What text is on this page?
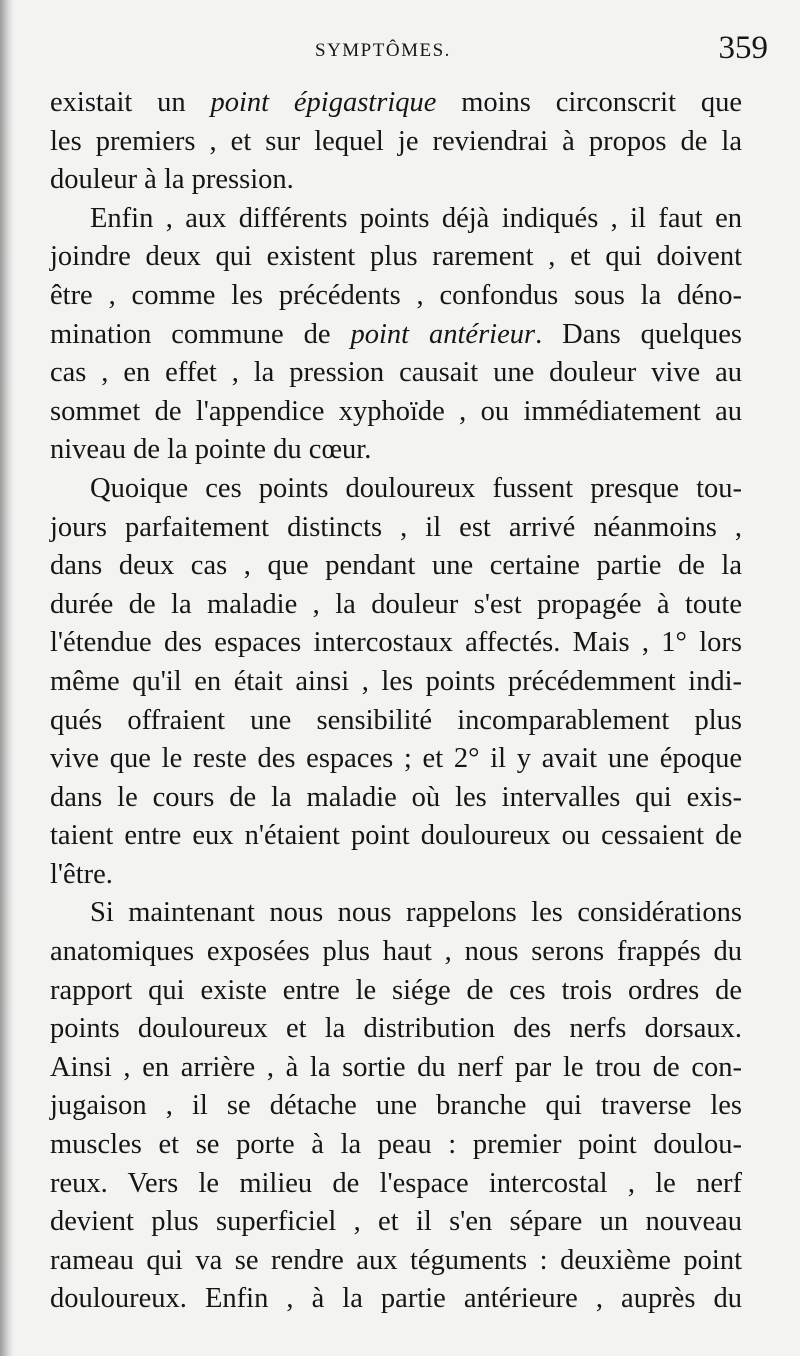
SYMPTÔMES.	359
existait un point épigastrique moins circonscrit que
les premiers , et sur lequel je reviendrai à propos de la
douleur à la pression.
Enfin , aux différents points déjà indiqués , il faut en
joindre deux qui existent plus rarement , et qui doivent
être , comme les précédents , confondus sous la déno-
mination commune de point antérieur. Dans quelques
cas , en effet , la pression causait une douleur vive au
sommet de l'appendice xyphoïde , ou immédiatement au
niveau de la pointe du cœur.
Quoique ces points douloureux fussent presque tou-
jours parfaitement distincts , il est arrivé néanmoins ,
dans deux cas , que pendant une certaine partie de la
durée de la maladie , la douleur s'est propagée à toute
l'étendue des espaces intercostaux affectés. Mais , 1° lors
même qu'il en était ainsi , les points précédemment indi-
qués offraient une sensibilité incomparablement plus
vive que le reste des espaces ; et 2° il y avait une époque
dans le cours de la maladie où les intervalles qui exis-
taient entre eux n'étaient point douloureux ou cessaient de
l'être.
Si maintenant nous nous rappelons les considérations
anatomiques exposées plus haut , nous serons frappés du
rapport qui existe entre le siége de ces trois ordres de
points douloureux et la distribution des nerfs dorsaux.
Ainsi , en arrière , à la sortie du nerf par le trou de con-
jugaison , il se détache une branche qui traverse les
muscles et se porte à la peau : premier point doulou-
reux. Vers le milieu de l'espace intercostal , le nerf
devient plus superficiel , et il s'en sépare un nouveau
rameau qui va se rendre aux téguments : deuxième point
douloureux. Enfin , à la partie antérieure , auprès du
